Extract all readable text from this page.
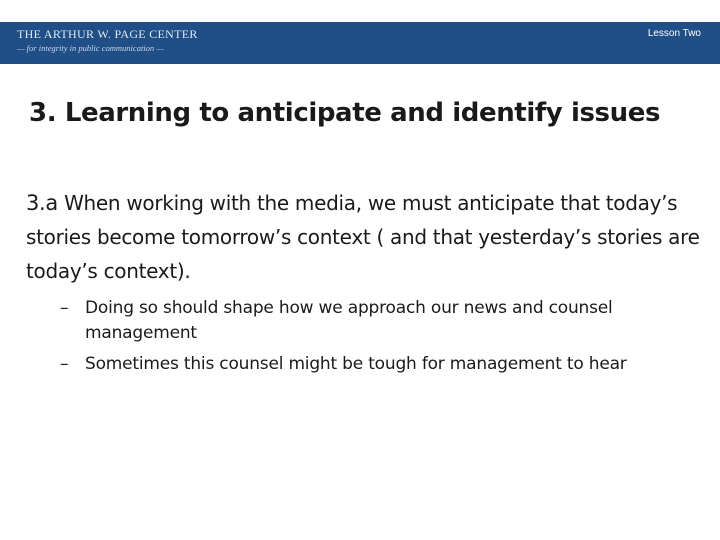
THE ARTHUR W. PAGE CENTER
— for integrity in public communication —
Lesson Two
3. Learning to anticipate and identify issues

3.a When working with the media, we must anticipate that today’s stories become tomorrow’s context ( and that yesterday’s stories are today’s context).

– Doing so should shape how we approach our news and counsel management
– Sometimes this counsel might be tough for management to hear
